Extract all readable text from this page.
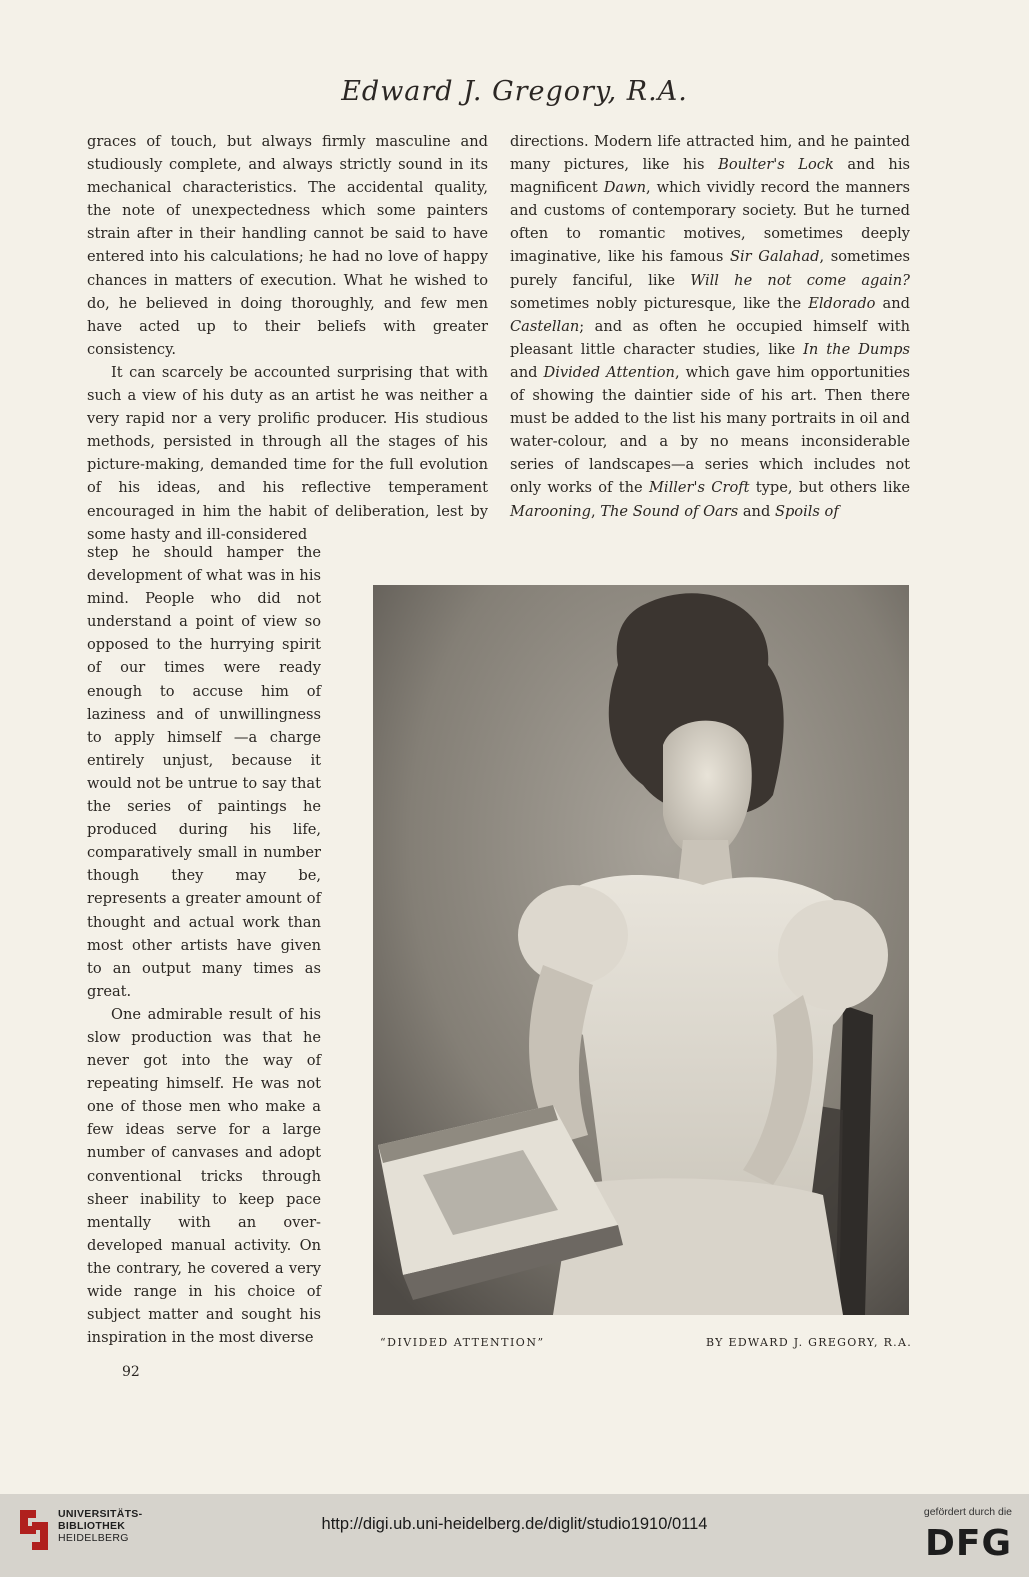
Edward J. Gregory, R.A.

graces of touch, but always firmly masculine and studiously complete, and always strictly sound in its mechanical characteristics. The accidental quality, the note of unexpectedness which some painters strain after in their handling cannot be said to have entered into his calculations; he had no love of happy chances in matters of execution. What he wished to do, he believed in doing thoroughly, and few men have acted up to their beliefs with greater consistency.

It can scarcely be accounted surprising that with such a view of his duty as an artist he was neither a very rapid nor a very prolific producer. His studious methods, persisted in through all the stages of his picture-making, demanded time for the full evolution of his ideas, and his reflective temperament encouraged in him the habit of deliberation, lest by some hasty and ill-considered

step he should hamper the development of what was in his mind. People who did not understand a point of view so opposed to the hurrying spirit of our times were ready enough to accuse him of laziness and of unwillingness to apply himself —a charge entirely unjust, because it would not be untrue to say that the series of paintings he produced during his life, comparatively small in number though they may be, represents a greater amount of thought and actual work than most other artists have given to an output many times as great.

One admirable result of his slow production was that he never got into the way of repeating himself. He was not one of those men who make a few ideas serve for a large number of canvases and adopt conventional tricks through sheer inability to keep pace mentally with an over-developed manual activity. On the contrary, he covered a very wide range in his choice of subject matter and sought his inspiration in the most diverse

directions. Modern life attracted him, and he painted many pictures, like his Boulter's Lock and his magnificent Dawn, which vividly record the manners and customs of contemporary society. But he turned often to romantic motives, sometimes deeply imaginative, like his famous Sir Galahad, sometimes purely fanciful, like Will he not come again? sometimes nobly picturesque, like the Eldorado and Castellan; and as often he occupied himself with pleasant little character studies, like In the Dumps and Divided Attention, which gave him opportunities of showing the daintier side of his art. Then there must be added to the list his many portraits in oil and water-colour, and a by no means inconsiderable series of landscapes—a series which includes not only works of the Miller's Croft type, but others like Marooning, The Sound of Oars and Spoils of

“DIVIDED ATTENTION”	BY EDWARD J. GREGORY, R.A.
92
UNIVERSITÄTS-
BIBLIOTHEK
HEIDELBERG
http://digi.ub.uni-heidelberg.de/diglit/studio1910/0114
gefördert durch die
DFG
